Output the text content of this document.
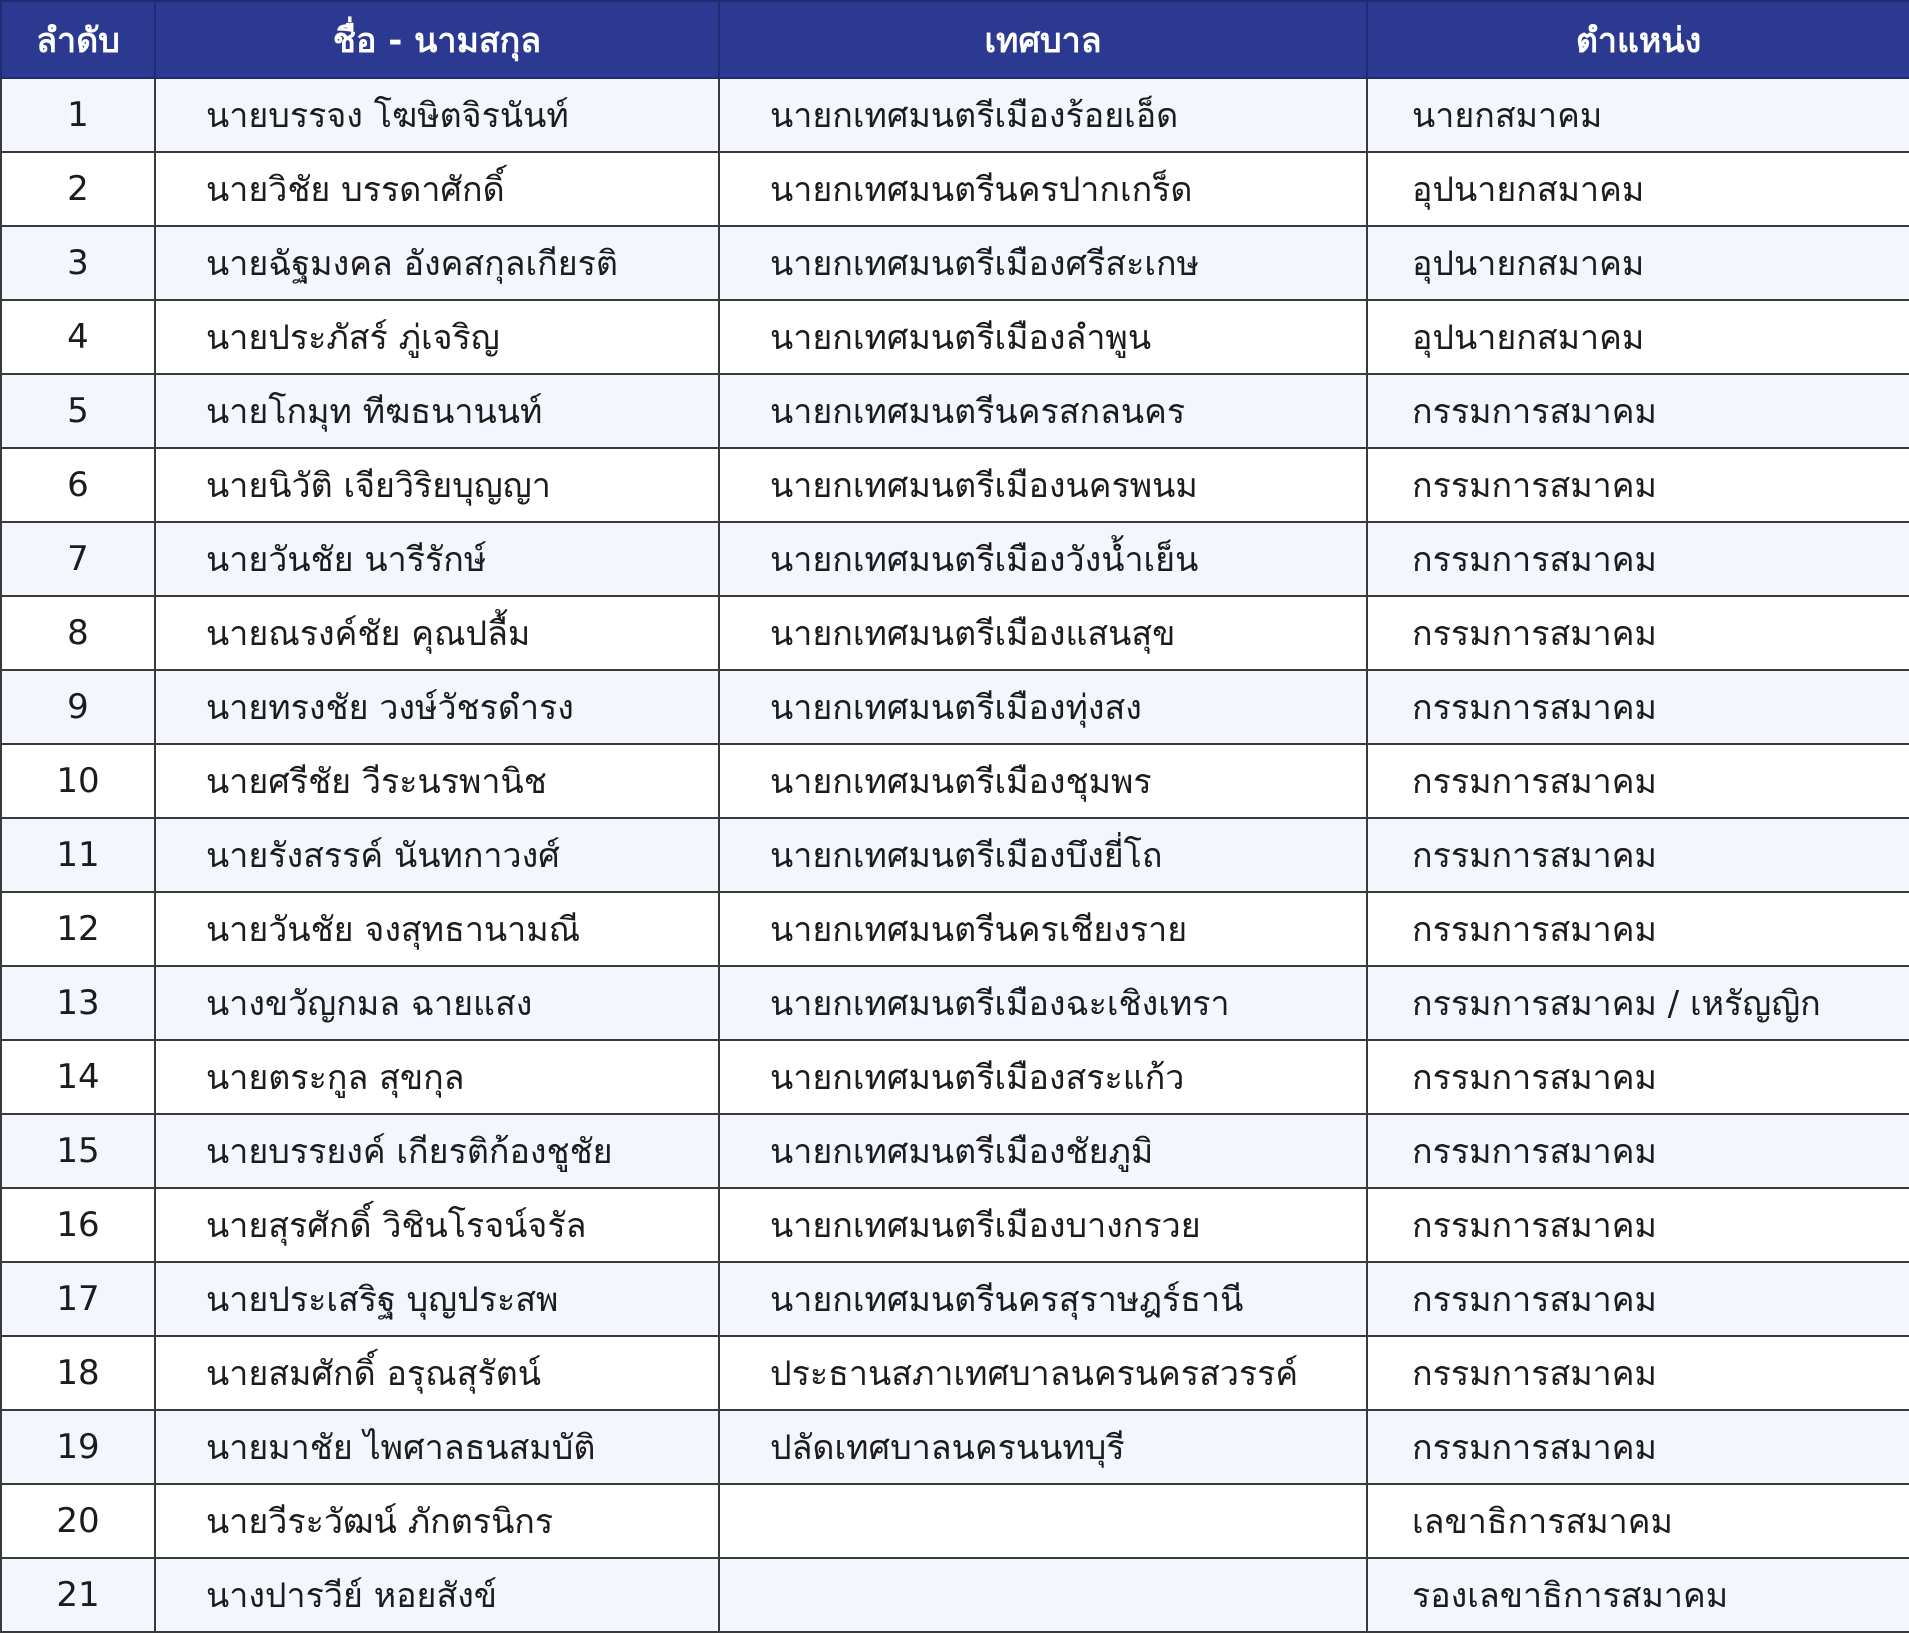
ลำดับ	ชื่อ - นามสกุล	เทศบาล	ตำแหน่ง
1	นายบรรจง โฆษิตจิรนันท์	นายกเทศมนตรีเมืองร้อยเอ็ด	นายกสมาคม
2	นายวิชัย บรรดาศักดิ์	นายกเทศมนตรีนครปากเกร็ด	อุปนายกสมาคม
3	นายฉัฐมงคล อังคสกุลเกียรติ	นายกเทศมนตรีเมืองศรีสะเกษ	อุปนายกสมาคม
4	นายประภัสร์ ภู่เจริญ	นายกเทศมนตรีเมืองลำพูน	อุปนายกสมาคม
5	นายโกมุท ทีฆธนานนท์	นายกเทศมนตรีนครสกลนคร	กรรมการสมาคม
6	นายนิวัติ เจียวิริยบุญญา	นายกเทศมนตรีเมืองนครพนม	กรรมการสมาคม
7	นายวันชัย นารีรักษ์	นายกเทศมนตรีเมืองวังน้ำเย็น	กรรมการสมาคม
8	นายณรงค์ชัย คุณปลื้ม	นายกเทศมนตรีเมืองแสนสุข	กรรมการสมาคม
9	นายทรงชัย วงษ์วัชรดำรง	นายกเทศมนตรีเมืองทุ่งสง	กรรมการสมาคม
10	นายศรีชัย วีระนรพานิช	นายกเทศมนตรีเมืองชุมพร	กรรมการสมาคม
11	นายรังสรรค์ นันทกาวงศ์	นายกเทศมนตรีเมืองบึงยี่โถ	กรรมการสมาคม
12	นายวันชัย จงสุทธานามณี	นายกเทศมนตรีนครเชียงราย	กรรมการสมาคม
13	นางขวัญกมล ฉายแสง	นายกเทศมนตรีเมืองฉะเชิงเทรา	กรรมการสมาคม / เหรัญญิก
14	นายตระกูล สุขกุล	นายกเทศมนตรีเมืองสระแก้ว	กรรมการสมาคม
15	นายบรรยงค์ เกียรติก้องชูชัย	นายกเทศมนตรีเมืองชัยภูมิ	กรรมการสมาคม
16	นายสุรศักดิ์ วิชินโรจน์จรัล	นายกเทศมนตรีเมืองบางกรวย	กรรมการสมาคม
17	นายประเสริฐ บุญประสพ	นายกเทศมนตรีนครสุราษฎร์ธานี	กรรมการสมาคม
18	นายสมศักดิ์ อรุณสุรัตน์	ประธานสภาเทศบาลนครนครสวรรค์	กรรมการสมาคม
19	นายมาชัย ไพศาลธนสมบัติ	ปลัดเทศบาลนครนนทบุรี	กรรมการสมาคม
20	นายวีระวัฒน์ ภักตรนิกร		เลขาธิการสมาคม
21	นางปารวีย์ หอยสังข์		รองเลขาธิการสมาคม
